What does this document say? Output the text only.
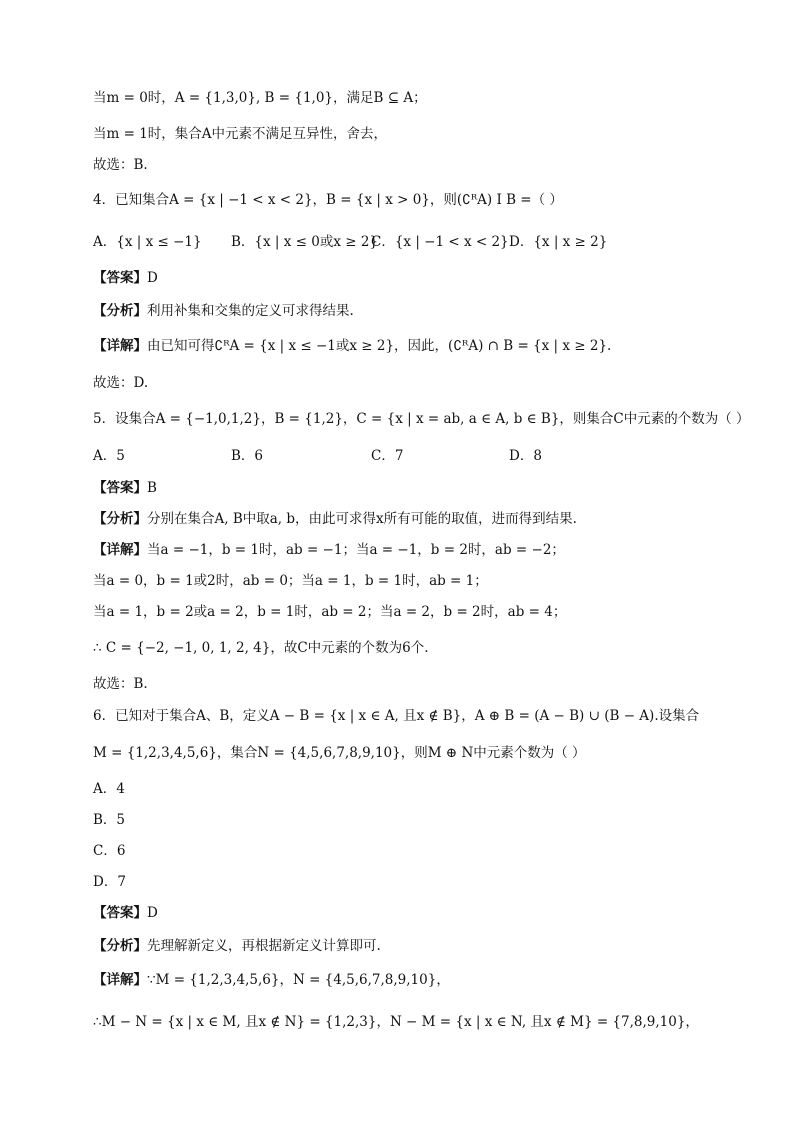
当m = 0时，A = {1,3,0}, B = {1,0}，满足B ⊆ A；
当m = 1时，集合A中元素不满足互异性，舍去，
故选：B.
4．已知集合A = {x | −1 < x < 2}，B = {x | x > 0}，则(∁ᴿA) I B =（ ）
A．{x | x ≤ −1} B．{x | x ≤ 0或x ≥ 2}
C．{x | −1 < x < 2} D．{x | x ≥ 2}
【答案】D
【分析】利用补集和交集的定义可求得结果.
【详解】由已知可得∁ᴿA = {x | x ≤ −1或x ≥ 2}，因此，(∁ᴿA) ∩ B = {x | x ≥ 2}.
故选：D.
5．设集合A = {−1,0,1,2}，B = {1,2}，C = {x | x = ab, a ∈ A, b ∈ B}，则集合C中元素的个数为（ ）
A．5	B．6	C．7	D．8
【答案】B
【分析】分别在集合A, B中取a, b，由此可求得x所有可能的取值，进而得到结果.
【详解】当a = −1，b = 1时，ab = −1；当a = −1，b = 2时，ab = −2；
当a = 0，b = 1或2时，ab = 0；当a = 1，b = 1时，ab = 1；
当a = 1，b = 2或a = 2，b = 1时，ab = 2；当a = 2，b = 2时，ab = 4；
∴ C = {−2, −1, 0, 1, 2, 4}，故C中元素的个数为6个.
故选：B.
6．已知对于集合A、B，定义A − B = {x | x ∈ A, 且x ∉ B}，A ⊕ B = (A − B) ∪ (B − A).设集合
M = {1,2,3,4,5,6}，集合N = {4,5,6,7,8,9,10}，则M ⊕ N中元素个数为（ ）
A．4
B．5
C．6
D．7
【答案】D
【分析】先理解新定义，再根据新定义计算即可.
【详解】∵M = {1,2,3,4,5,6}，N = {4,5,6,7,8,9,10}，
∴M − N = {x | x ∈ M, 且x ∉ N} = {1,2,3}，N − M = {x | x ∈ N, 且x ∉ M} = {7,8,9,10}，
